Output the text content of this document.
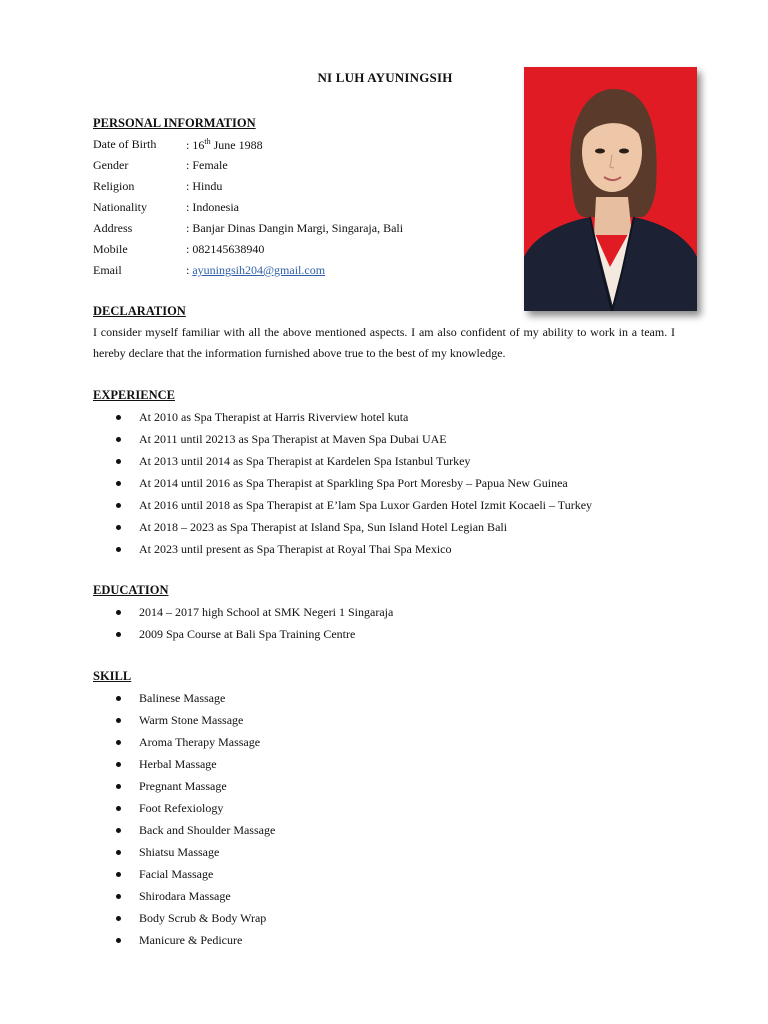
NI LUH AYUNINGSIH
PERSONAL INFORMATION
Date of Birth	: 16th June 1988
Gender	: Female
Religion	: Hindu
Nationality	: Indonesia
Address	: Banjar Dinas Dangin Margi, Singaraja, Bali
Mobile	: 082145638940
Email	: ayuningsih204@gmail.com
DECLARATION
I consider myself familiar with all the above mentioned aspects. I am also confident of my ability to work in a team. I hereby declare that the information furnished above true to the best of my knowledge.
EXPERIENCE
At 2010 as Spa Therapist at Harris Riverview hotel kuta
At 2011 until 20213 as Spa Therapist at Maven Spa Dubai UAE
At 2013 until 2014 as Spa Therapist at Kardelen Spa Istanbul Turkey
At 2014 until 2016 as Spa Therapist at Sparkling Spa Port Moresby – Papua New Guinea
At 2016 until 2018 as Spa Therapist at E’lam Spa Luxor Garden Hotel Izmit Kocaeli – Turkey
At 2018 – 2023 as Spa Therapist at Island Spa, Sun Island Hotel Legian Bali
At 2023 until present as Spa Therapist at Royal Thai Spa Mexico
EDUCATION
2014 – 2017 high School at SMK Negeri 1 Singaraja
2009 Spa Course at Bali Spa Training Centre
SKILL
Balinese Massage
Warm Stone Massage
Aroma Therapy Massage
Herbal Massage
Pregnant Massage
Foot Refexiology
Back and Shoulder Massage
Shiatsu Massage
Facial Massage
Shirodara Massage
Body Scrub & Body Wrap
Manicure & Pedicure
